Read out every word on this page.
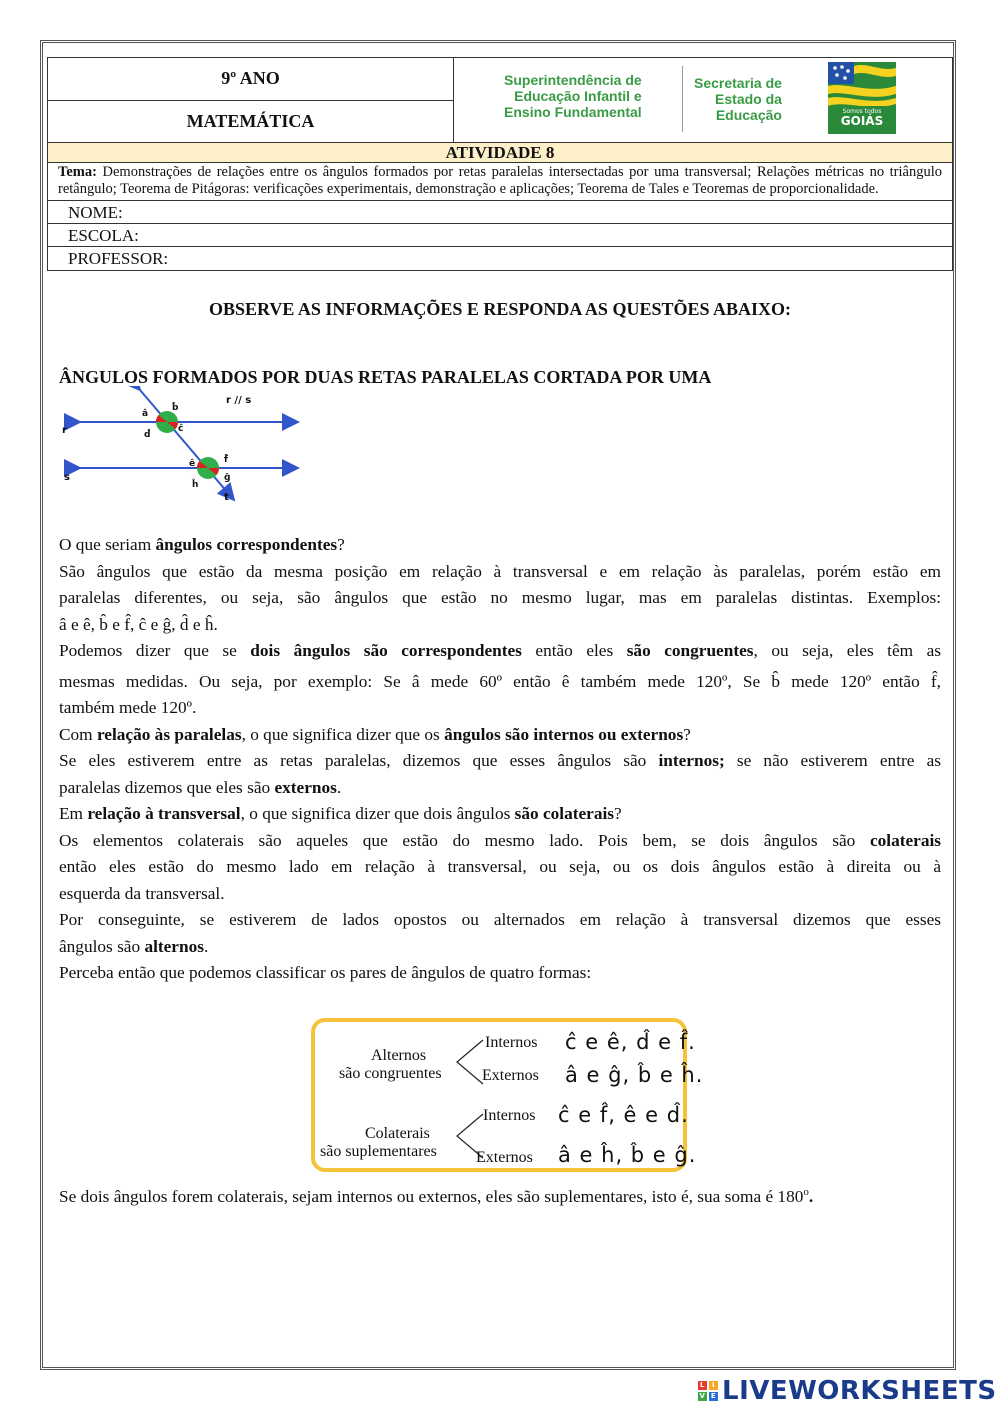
9º ANO
MATEMÁTICA
Superintendência de
Educação Infantil e
Ensino Fundamental
Secretaria de
Estado da
Educação	Somos todos
GOIÁS
GOVERNO DO ESTADO
ATIVIDADE 8
Tema: Demonstrações de relações entre os ângulos formados por retas paralelas intersectadas por uma transversal; Relações métricas no triângulo retângulo; Teorema de Pitágoras: verificações experimentais, demonstração e aplicações; Teorema de Tales e Teoremas de proporcionalidade.
NOME:
ESCOLA:
PROFESSOR:
OBSERVE AS INFORMAÇÕES E RESPONDA AS QUESTÕES ABAIXO:
ÂNGULOS FORMADOS POR DUAS RETAS PARALELAS CORTADA POR UMA
r // s
r
s
t
â
b̂
ĉ
d̂
ê	f̂
ĝ
ĥ
O que seriam ângulos correspondentes?
São ângulos que estão da mesma posição em relação à transversal e em relação às paralelas, porém estão em
paralelas diferentes, ou seja, são ângulos que estão no mesmo lugar, mas em paralelas distintas. Exemplos:
â e ê, b̂ e f̂, ĉ e ĝ, d̂ e ĥ.
Podemos dizer que se dois ângulos são correspondentes então eles são congruentes, ou seja, eles têm as
mesmas medidas. Ou seja, por exemplo: Se â mede 60º então ê também mede 120º, Se b̂ mede 120º então f̂,
também mede 120º.
Com relação às paralelas, o que significa dizer que os ângulos são internos ou externos?
Se eles estiverem entre as retas paralelas, dizemos que esses ângulos são internos; se não estiverem entre as
paralelas dizemos que eles são externos.
Em relação à transversal, o que significa dizer que dois ângulos são colaterais?
Os elementos colaterais são aqueles que estão do mesmo lado. Pois bem, se dois ângulos são colaterais
então eles estão do mesmo lado em relação à transversal, ou seja, ou os dois ângulos estão à direita ou à
esquerda da transversal.
Por conseguinte, se estiverem de lados opostos ou alternados em relação à transversal dizemos que esses
ângulos são alternos.
Perceba então que podemos classificar os pares de ângulos de quatro formas:
Alternos
são congruentes
Internos
Externos
ĉ e ê, d̂ e f̂.
â e ĝ, b̂ e ĥ.
Colaterais
são suplementares
Internos
Externos
ĉ e f̂, ê e d̂.
â e ĥ, b̂ e ĝ.
Se dois ângulos forem colaterais, sejam internos ou externos, eles são suplementares, isto é, sua soma é 180$^o$.
L I
V E LIVEWORKSHEETS
